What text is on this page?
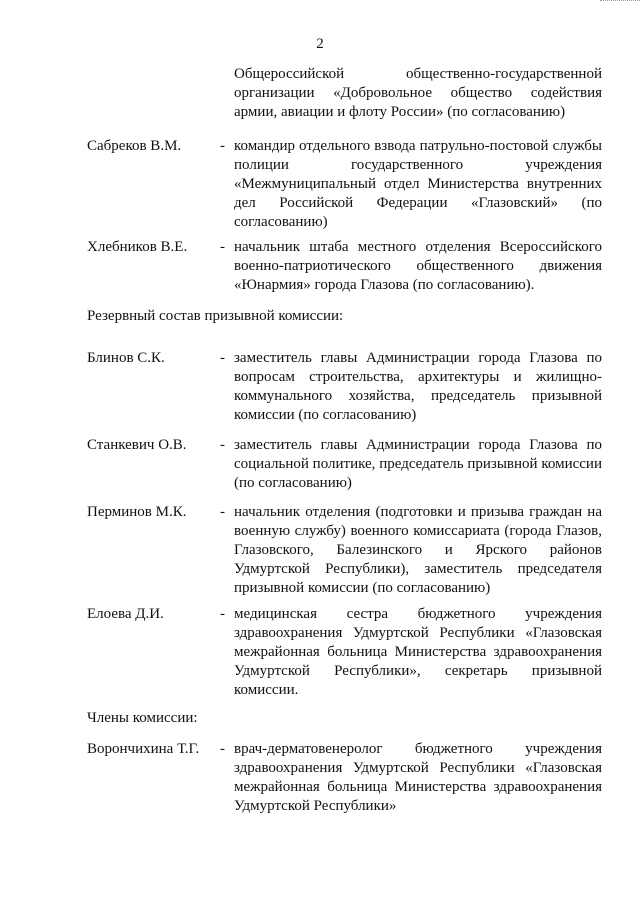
2
Общероссийской общественно-государственной организации «Добровольное общество содействия армии, авиации и флоту России» (по согласованию)
Сабреков В.М.	- командир отдельного взвода патрульно-постовой службы полиции государственного учреждения «Межмуниципальный отдел Министерства внутренних дел Российской Федерации «Глазовский» (по согласованию)
Хлебников В.Е. - начальник штаба местного отделения Всероссийского военно-патриотического общественного движения «Юнармия» города Глазова (по согласованию).
Резервный состав призывной комиссии:
Блинов С.К.	- заместитель главы Администрации города Глазова по вопросам строительства, архитектуры и жилищно-коммунального хозяйства, председатель призывной комиссии (по согласованию)
Станкевич О.В. - заместитель главы Администрации города Глазова по социальной политике, председатель призывной комиссии (по согласованию)
Перминов М.К. - начальник отделения (подготовки и призыва граждан на военную службу) военного комиссариата (города Глазов, Глазовского, Балезинского и Ярского районов Удмуртской Республики), заместитель председателя призывной комиссии (по согласованию)
Елоева Д.И.	- медицинская сестра бюджетного учреждения здравоохранения Удмуртской Республики «Глазовская межрайонная больница Министерства здравоохранения Удмуртской Республики», секретарь призывной комиссии.
Члены комиссии:
Ворончихина Т.Г. - врач-дерматовенеролог бюджетного учреждения здравоохранения Удмуртской Республики «Глазовская межрайонная больница Министерства здравоохранения Удмуртской Республики»
